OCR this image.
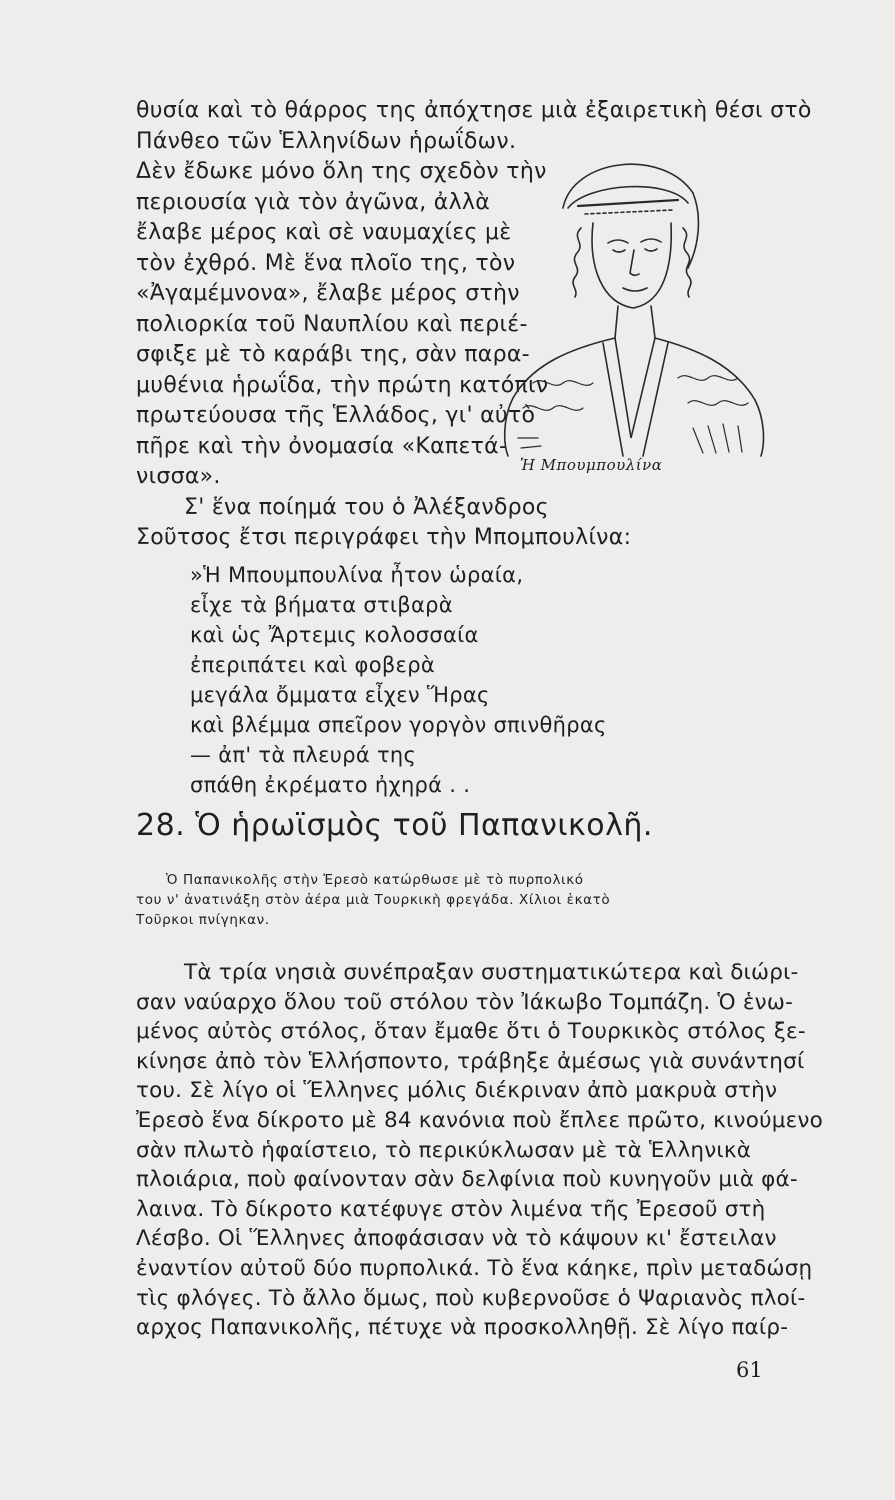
θυσία καὶ τὸ θάρρος της ἀπόχτησε μιὰ ἐξαιρετικὴ θέσι στὸ
Πάνθεο τῶν Ἑλληνίδων ἡρωΐδων.
Δὲν ἔδωκε μόνο ὅλη της σχεδὸν τὴν
περιουσία γιὰ τὸν ἀγῶνα, ἀλλὰ
ἔλαβε μέρος καὶ σὲ ναυμαχίες μὲ
τὸν ἐχθρό. Μὲ ἕνα πλοῖο της, τὸν
«Ἀγαμέμνονα», ἔλαβε μέρος στὴν
πολιορκία τοῦ Ναυπλίου καὶ περιέ-
σφιξε μὲ τὸ καράβι της, σὰν παρα-
μυθένια ἡρωΐδα, τὴν πρώτη κατόπιν
πρωτεύουσα τῆς Ἑλλάδος, γι' αὐτὸ
πῆρε καὶ τὴν ὀνομασία «Καπετά-
νισσα».
Σ' ἕνα ποίημά του ὁ Ἀλέξανδρος
Σοῦτσος ἔτσι περιγράφει τὴν Μπομπουλίνα:
Ἡ Μπουμπουλίνα
»Ἡ Μπουμπουλίνα ἦτον ὡραία,
εἶχε τὰ βήματα στιβαρὰ
καὶ ὡς Ἄρτεμις κολοσσαία
ἐπεριπάτει καὶ φοβερὰ
μεγάλα ὄμματα εἶχεν Ἥρας
καὶ βλέμμα σπεῖρον γοργὸν σπινθῆρας
— ἀπ' τὰ πλευρά της
σπάθη ἐκρέματο ἠχηρά . .
28. Ὁ ἡρωϊσμὸς τοῦ Παπανικολῆ.
Ὁ Παπανικολῆς στὴν Ἐρεσὸ κατώρθωσε μὲ τὸ πυρπολικό
του ν' ἀνατινάξη στὸν ἀέρα μιὰ Τουρκικὴ φρεγάδα. Χίλιοι ἑκατὸ
Τοῦρκοι πνίγηκαν.
Τὰ τρία νησιὰ συνέπραξαν συστηματικώτερα καὶ διώρι-
σαν ναύαρχο ὅλου τοῦ στόλου τὸν Ἰάκωβο Τομπάζη. Ὁ ἑνω-
μένος αὐτὸς στόλος, ὅταν ἔμαθε ὅτι ὁ Τουρκικὸς στόλος ξε-
κίνησε ἀπὸ τὸν Ἑλλήσποντο, τράβηξε ἀμέσως γιὰ συνάντησί
του. Σὲ λίγο οἱ Ἕλληνες μόλις διέκριναν ἀπὸ μακρυὰ στὴν
Ἐρεσὸ ἕνα δίκροτο μὲ 84 κανόνια ποὺ ἔπλεε πρῶτο, κινούμενο
σὰν πλωτὸ ἡφαίστειο, τὸ περικύκλωσαν μὲ τὰ Ἑλληνικὰ
πλοιάρια, ποὺ φαίνονταν σὰν δελφίνια ποὺ κυνηγοῦν μιὰ φά-
λαινα. Τὸ δίκροτο κατέφυγε στὸν λιμένα τῆς Ἐρεσοῦ στὴ
Λέσβο. Οἱ Ἕλληνες ἀποφάσισαν νὰ τὸ κάψουν κι' ἔστειλαν
ἐναντίον αὐτοῦ δύο πυρπολικά. Τὸ ἕνα κάηκε, πρὶν μεταδώσῃ
τὶς φλόγες. Τὸ ἄλλο ὅμως, ποὺ κυβερνοῦσε ὁ Ψαριανὸς πλοί-
αρχος Παπανικολῆς, πέτυχε νὰ προσκολληθῇ. Σὲ λίγο παίρ-
61
